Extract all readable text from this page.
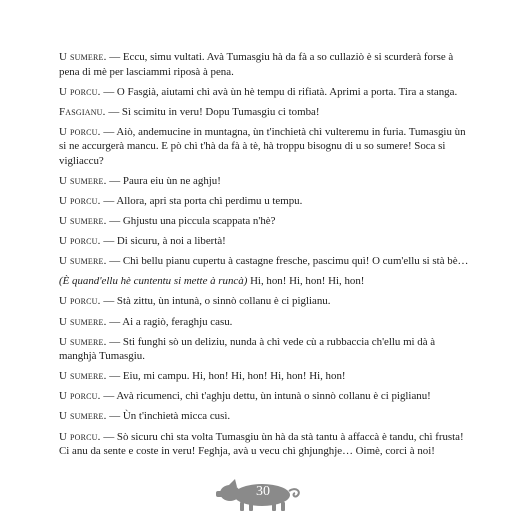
U sumere. — Eccu, simu vultati. Avà Tumasgiu hà da fà a so cullaziò è si scurderà forse à pena di mè per lasciammi riposà à pena.

U porcu. — O Fasgià, aiutami chì avà ùn hè tempu di rifiatà. Aprimi a porta. Tira a stanga.

Fasgianu. — Sì scimitu in veru! Dopu Tumasgiu ci tomba!

U porcu. — Aiò, andemucine in muntagna, ùn t'inchietà chì vulteremu in furia. Tumasgiu ùn si ne accurgerà mancu. E pò chì t'hà da fà à tè, hà troppu bisognu di u so sumere! Soca si vigliaccu?

U sumere. — Paura eiu ùn ne aghju!

U porcu. — Allora, apri sta porta chì perdimu u tempu.

U sumere. — Ghjustu una piccula scappata n'hè?

U porcu. — Di sicuru, à noi a libertà!

U sumere. — Chì bellu pianu cupertu à castagne fresche, pascimu quì! O cum'ellu si stà bè…

(È quand'ellu hè cuntentu si mette à runcà) Hi, hon! Hi, hon! Hi, hon!

U porcu. — Stà zittu, ùn intunà, o sinnò collanu è ci piglianu.

U sumere. — Ai a ragiò, feraghju casu.

U sumere. — Sti funghi sò un deliziu, nunda à chì vede cù a rubbaccia ch'ellu mi dà à manghjà Tumasgiu.

U sumere. — Eiu, mi campu. Hi, hon! Hi, hon! Hi, hon! Hi, hon!

U porcu. — Avà ricumenci, chì t'aghju dettu, ùn intunà o sinnò collanu è ci piglianu!

U sumere. — Ùn t'inchietà micca cusì.

U porcu. — Sò sicuru chì sta volta Tumasgiu ùn hà da stà tantu à affaccà è tandu, chì frusta! Ci anu da sente e coste in veru! Feghja, avà u vecu chì ghjunghje… Oimè, corci à noi!

30
